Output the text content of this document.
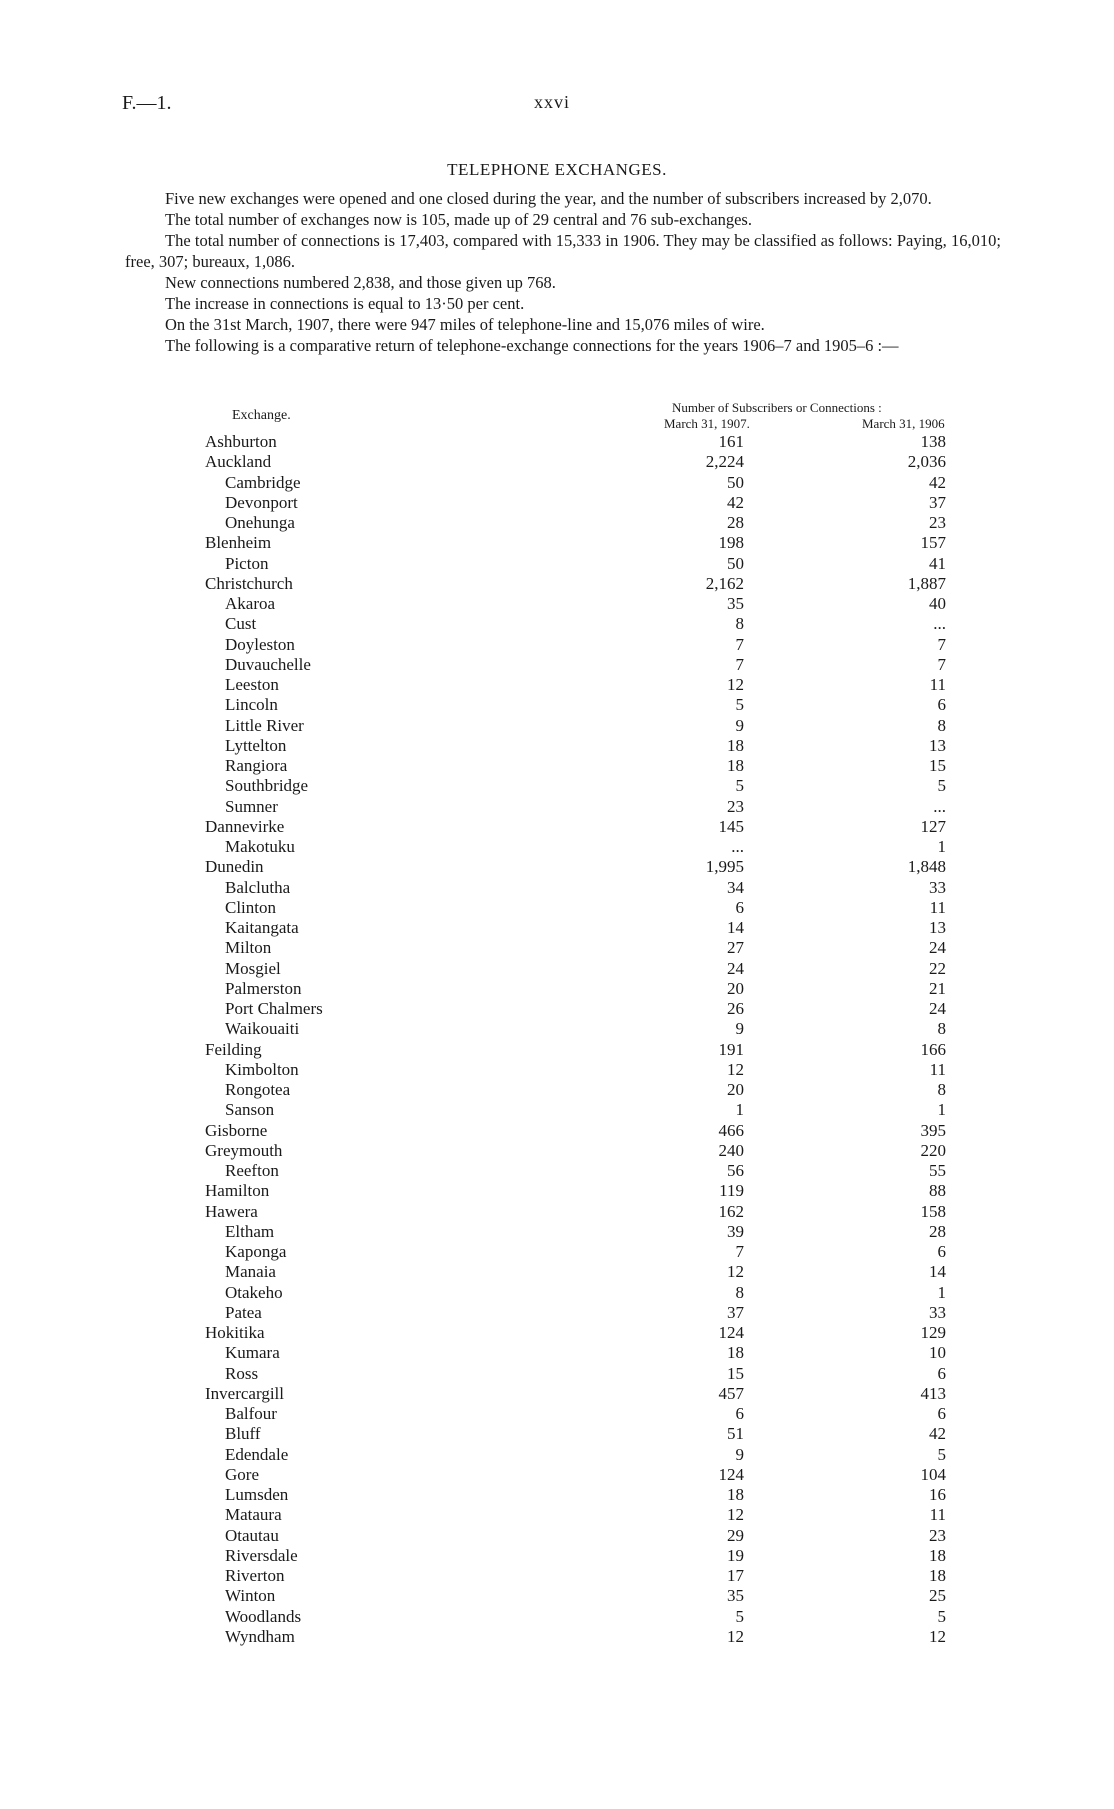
F.—1.	xxvi
TELEPHONE EXCHANGES.

Five new exchanges were opened and one closed during the year, and the number of subscribers increased by 2,070.

The total number of exchanges now is 105, made up of 29 central and 76 sub-exchanges.

The total number of connections is 17,403, compared with 15,333 in 1906. They may be classified as follows: Paying, 16,010; free, 307; bureaux, 1,086.

New connections numbered 2,838, and those given up 768.

The increase in connections is equal to 13·50 per cent.

On the 31st March, 1907, there were 947 miles of telephone-line and 15,076 miles of wire.

The following is a comparative return of telephone-exchange connections for the years 1906–7 and 1905–6 :—

Exchange.
Number of Subscribers or Connections :
March 31, 1907.	March 31, 1906
Ashburton	161	138
Auckland	2,224	2,036
Cambridge	50	42
Devonport	42	37
Onehunga	28	23
Blenheim	198	157
Picton	50	41
Christchurch	2,162	1,887
Akaroa	35	40
Cust	8	...
Doyleston	7	7
Duvauchelle	7	7
Leeston	12	11
Lincoln	5	6
Little River	9	8
Lyttelton	18	13
Rangiora	18	15
Southbridge	5	5
Sumner	23	...
Dannevirke	145	127
Makotuku	...	1
Dunedin	1,995	1,848
Balclutha	34	33
Clinton	6	11
Kaitangata	14	13
Milton	27	24
Mosgiel	24	22
Palmerston	20	21
Port Chalmers	26	24
Waikouaiti	9	8
Feilding	191	166
Kimbolton	12	11
Rongotea	20	8
Sanson	1	1
Gisborne	466	395
Greymouth	240	220
Reefton	56	55
Hamilton	119	88
Hawera	162	158
Eltham	39	28
Kaponga	7	6
Manaia	12	14
Otakeho	8	1
Patea	37	33
Hokitika	124	129
Kumara	18	10
Ross	15	6
Invercargill	457	413
Balfour	6	6
Bluff	51	42
Edendale	9	5
Gore	124	104
Lumsden	18	16
Mataura	12	11
Otautau	29	23
Riversdale	19	18
Riverton	17	18
Winton	35	25
Woodlands	5	5
Wyndham	12	12
